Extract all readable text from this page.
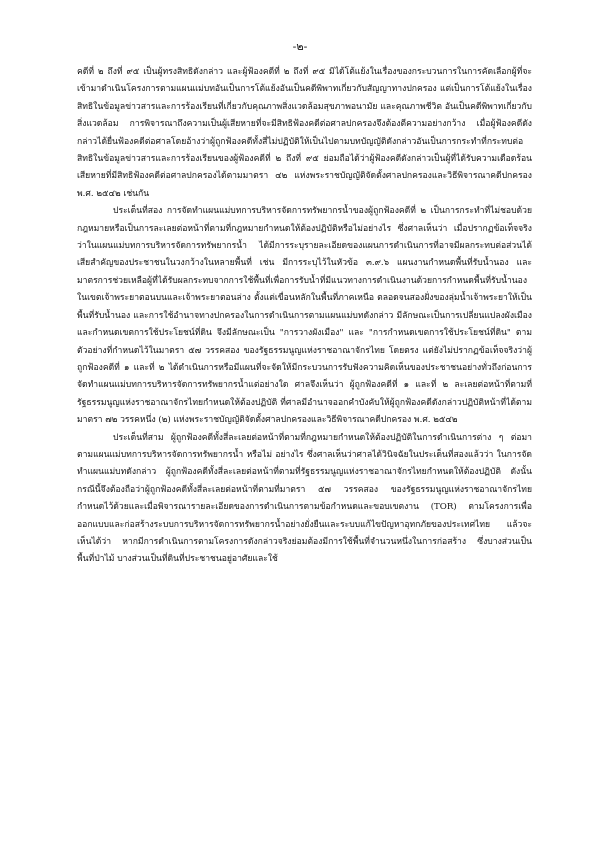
-๒-

คดีที่ ๒ ถึงที่ ๙๕ เป็นผู้ทรงสิทธิดังกล่าว และผู้ฟ้องคดีที่ ๒ ถึงที่ ๙๕ มิได้โต้แย้งในเรื่องของกระบวนการในการคัดเลือกผู้ที่จะเข้ามาดำเนินโครงการตามแผนแม่บทอันเป็นการโต้แย้งอันเป็นคดีพิพาทเกี่ยวกับสัญญาทางปกครอง แต่เป็นการโต้แย้งในเรื่องสิทธิในข้อมูลข่าวสารและการร้องเรียนที่เกี่ยวกับคุณภาพสิ่งแวดล้อมสุขภาพอนามัย และคุณภาพชีวิต อันเป็นคดีพิพาทเกี่ยวกับสิ่งแวดล้อม การพิจารณาถึงความเป็นผู้เสียหายที่จะมีสิทธิฟ้องคดีต่อศาลปกครองจึงต้องตีความอย่างกว้าง เมื่อผู้ฟ้องคดีดังกล่าวได้ยื่นฟ้องคดีต่อศาลโดยอ้างว่าผู้ถูกฟ้องคดีทั้งสี่ไม่ปฏิบัติให้เป็นไปตามบทบัญญัติดังกล่าวอันเป็นการกระทำที่กระทบต่อสิทธิในข้อมูลข่าวสารและการร้องเรียนของผู้ฟ้องคดีที่ ๒ ถึงที่ ๙๕ ย่อมถือได้ว่าผู้ฟ้องคดีดังกล่าวเป็นผู้ที่ได้รับความเดือดร้อนเสียหายที่มีสิทธิฟ้องคดีต่อศาลปกครองได้ตามมาตรา ๔๒ แห่งพระราชบัญญัติจัดตั้งศาลปกครองและวิธีพิจารณาคดีปกครอง พ.ศ. ๒๕๔๒ เช่นกัน

ประเด็นที่สอง การจัดทำแผนแม่บทการบริหารจัดการทรัพยากรน้ำของผู้ถูกฟ้องคดีที่ ๒ เป็นการกระทำที่ไม่ชอบด้วยกฎหมายหรือเป็นการละเลยต่อหน้าที่ตามที่กฎหมายกำหนดให้ต้องปฏิบัติหรือไม่อย่างไร ซึ่งศาลเห็นว่า เมื่อปรากฏข้อเท็จจริงว่าในแผนแม่บทการบริหารจัดการทรัพยากรน้ำ ได้มีการระบุรายละเอียดของแผนการดำเนินการที่อาจมีผลกระทบต่อส่วนได้เสียสำคัญของประชาชนในวงกว้างในหลายพื้นที่ เช่น มีการระบุไว้ในหัวข้อ ๓.๙.๖ แผนงานกำหนดพื้นที่รับน้ำนอง และมาตรการช่วยเหลือผู้ที่ได้รับผลกระทบจากการใช้พื้นที่เพื่อการรับน้ำที่มีแนวทางการดำเนินงานด้วยการกำหนดพื้นที่รับน้ำนองในเขตเจ้าพระยาตอนบนและเจ้าพระยาตอนล่าง ตั้งแต่เขื่อนหลักในพื้นที่ภาคเหนือ ตลอดจนสองฝั่งของลุ่มน้ำเจ้าพระยาให้เป็นพื้นที่รับน้ำนอง และการใช้อำนาจทางปกครองในการดำเนินการตามแผนแม่บทดังกล่าว มีลักษณะเป็นการเปลี่ยนแปลงผังเมืองและกำหนดเขตการใช้ประโยชน์ที่ดิน จึงมีลักษณะเป็น "การวางผังเมือง" และ "การกำหนดเขตการใช้ประโยชน์ที่ดิน" ตามตัวอย่างที่กำหนดไว้ในมาตรา ๕๗ วรรคสอง ของรัฐธรรมนูญแห่งราชอาณาจักรไทย โดยตรง แต่ยังไม่ปรากฏข้อเท็จจริงว่าผู้ถูกฟ้องคดีที่ ๑ และที่ ๒ ได้ดำเนินการหรือมีแผนที่จะจัดให้มีกระบวนการรับฟังความคิดเห็นของประชาชนอย่างทั่วถึงก่อนการจัดทำแผนแม่บทการบริหารจัดการทรัพยากรน้ำแต่อย่างใด ศาลจึงเห็นว่า ผู้ถูกฟ้องคดีที่ ๑ และที่ ๒ ละเลยต่อหน้าที่ตามที่รัฐธรรมนูญแห่งราชอาณาจักรไทยกำหนดให้ต้องปฏิบัติ ที่ศาลมีอำนาจออกคำบังคับให้ผู้ถูกฟ้องคดีดังกล่าวปฏิบัติหน้าที่ได้ตามมาตรา ๗๒ วรรคหนึ่ง (๒) แห่งพระราชบัญญัติจัดตั้งศาลปกครองและวิธีพิจารณาคดีปกครอง พ.ศ. ๒๕๔๒

ประเด็นที่สาม ผู้ถูกฟ้องคดีทั้งสี่ละเลยต่อหน้าที่ตามที่กฎหมายกำหนดให้ต้องปฏิบัติในการดำเนินการต่าง ๆ ต่อมาตามแผนแม่บทการบริหารจัดการทรัพยากรน้ำ หรือไม่ อย่างไร ซึ่งศาลเห็นว่าศาลได้วินิจฉัยในประเด็นที่สองแล้วว่า ในการจัดทำแผนแม่บทดังกล่าว ผู้ถูกฟ้องคดีทั้งสี่ละเลยต่อหน้าที่ตามที่รัฐธรรมนูญแห่งราชอาณาจักรไทยกำหนดให้ต้องปฏิบัติ ดังนั้น กรณีนี้จึงต้องถือว่าผู้ถูกฟ้องคดีทั้งสี่ละเลยต่อหน้าที่ตามที่มาตรา ๕๗ วรรคสอง ของรัฐธรรมนูญแห่งราชอาณาจักรไทย กำหนดไว้ด้วยและเมื่อพิจารณารายละเอียดของการดำเนินการตามข้อกำหนดและขอบเขตงาน (TOR) ตามโครงการเพื่อออกแบบและก่อสร้างระบบการบริหารจัดการทรัพยากรน้ำอย่างยั่งยืนและระบบแก้ไขปัญหาอุทกภัยของประเทศไทย แล้วจะเห็นได้ว่า หากมีการดำเนินการตามโครงการดังกล่าวจริงย่อมต้องมีการใช้พื้นที่จำนวนหนึ่งในการก่อสร้าง ซึ่งบางส่วนเป็นพื้นที่ป่าไม้ บางส่วนเป็นที่ดินที่ประชาชนอยู่อาศัยและใช้
